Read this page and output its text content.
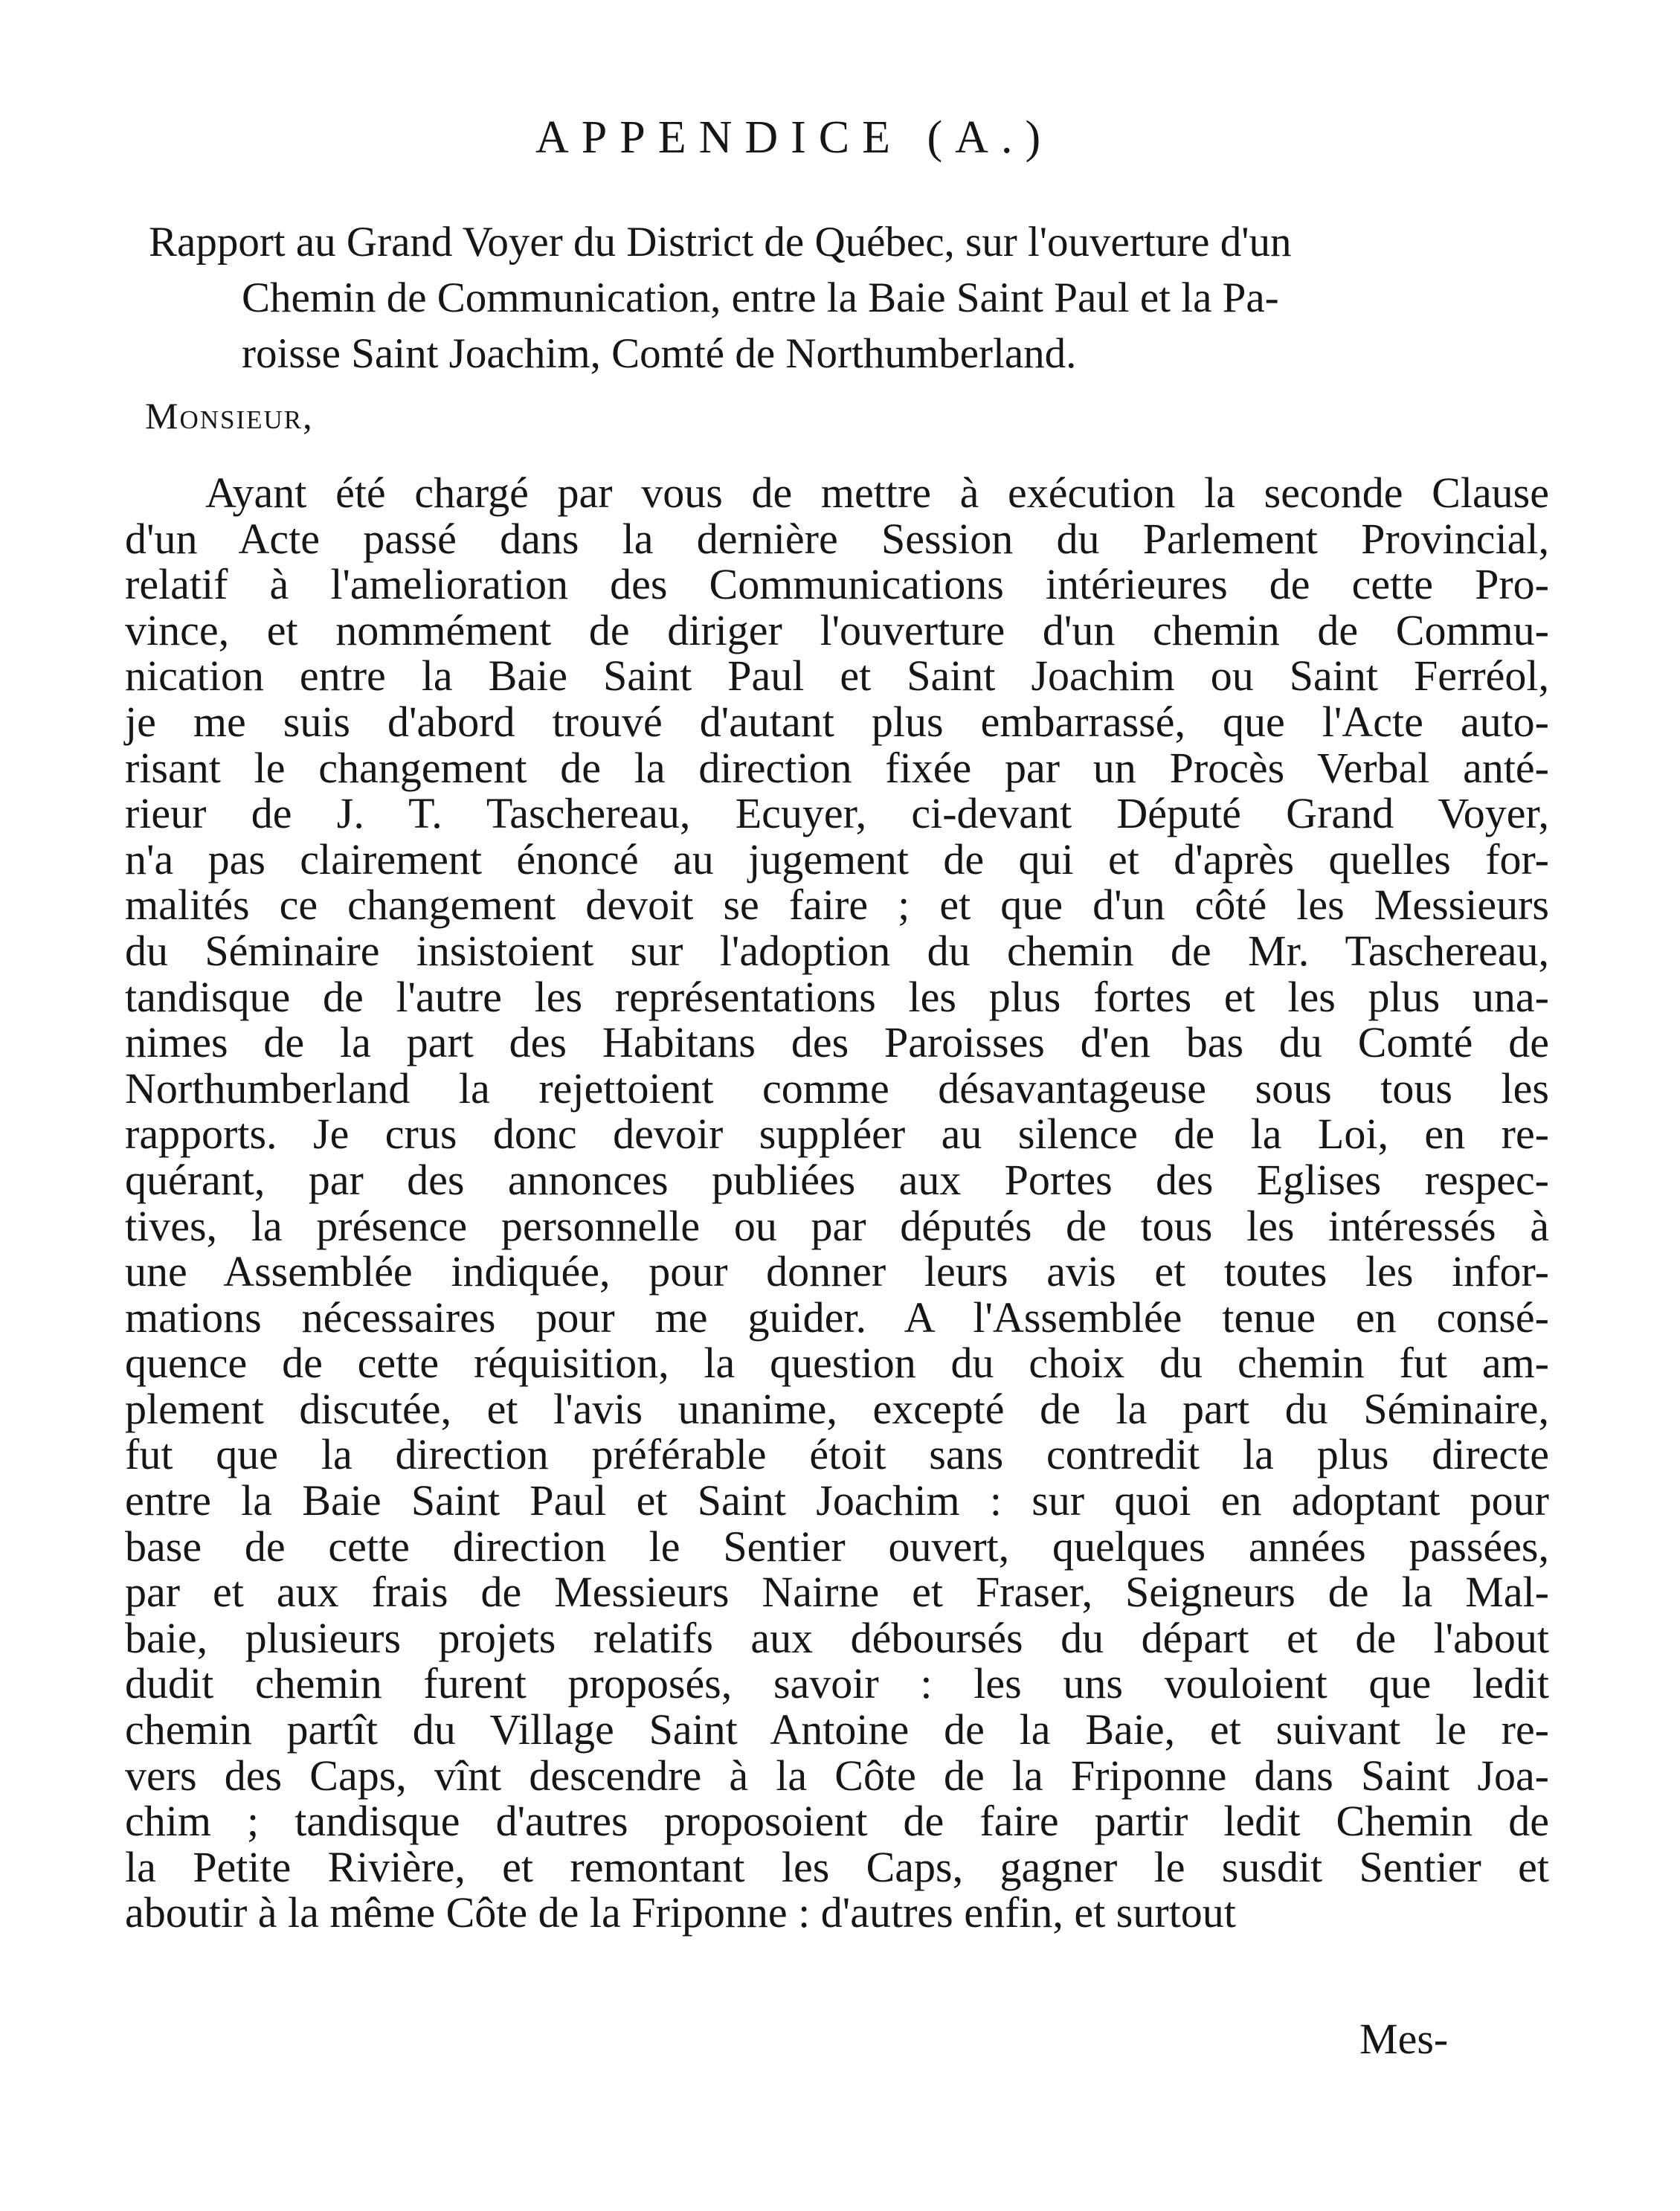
APPENDICE (A.)
Rapport au Grand Voyer du District de Québec, sur l'ouverture d'un
Chemin de Communication, entre la Baie Saint Paul et la Pa-
roisse Saint Joachim, Comté de Northumberland.
Monsieur,
Ayant été chargé par vous de mettre à exécution la seconde Clause
d'un Acte passé dans la dernière Session du Parlement Provincial,
relatif à l'amelioration des Communications intérieures de cette Pro-
vince, et nommément de diriger l'ouverture d'un chemin de Commu-
nication entre la Baie Saint Paul et Saint Joachim ou Saint Ferréol,
je me suis d'abord trouvé d'autant plus embarrassé, que l'Acte auto-
risant le changement de la direction fixée par un Procès Verbal anté-
rieur de J. T. Taschereau, Ecuyer, ci-devant Député Grand Voyer,
n'a pas clairement énoncé au jugement de qui et d'après quelles for-
malités ce changement devoit se faire ; et que d'un côté les Messieurs
du Séminaire insistoient sur l'adoption du chemin de Mr. Taschereau,
tandisque de l'autre les représentations les plus fortes et les plus una-
nimes de la part des Habitans des Paroisses d'en bas du Comté de
Northumberland la rejettoient comme désavantageuse sous tous les
rapports. Je crus donc devoir suppléer au silence de la Loi, en re-
quérant, par des annonces publiées aux Portes des Eglises respec-
tives, la présence personnelle ou par députés de tous les intéressés à
une Assemblée indiquée, pour donner leurs avis et toutes les infor-
mations nécessaires pour me guider. A l'Assemblée tenue en consé-
quence de cette réquisition, la question du choix du chemin fut am-
plement discutée, et l'avis unanime, excepté de la part du Séminaire,
fut que la direction préférable étoit sans contredit la plus directe
entre la Baie Saint Paul et Saint Joachim : sur quoi en adoptant pour
base de cette direction le Sentier ouvert, quelques années passées,
par et aux frais de Messieurs Nairne et Fraser, Seigneurs de la Mal-
baie, plusieurs projets relatifs aux déboursés du départ et de l'about
dudit chemin furent proposés, savoir : les uns vouloient que ledit
chemin partît du Village Saint Antoine de la Baie, et suivant le re-
vers des Caps, vînt descendre à la Côte de la Friponne dans Saint Joa-
chim ; tandisque d'autres proposoient de faire partir ledit Chemin de
la Petite Rivière, et remontant les Caps, gagner le susdit Sentier et
aboutir à la même Côte de la Friponne : d'autres enfin, et surtout
Mes-
